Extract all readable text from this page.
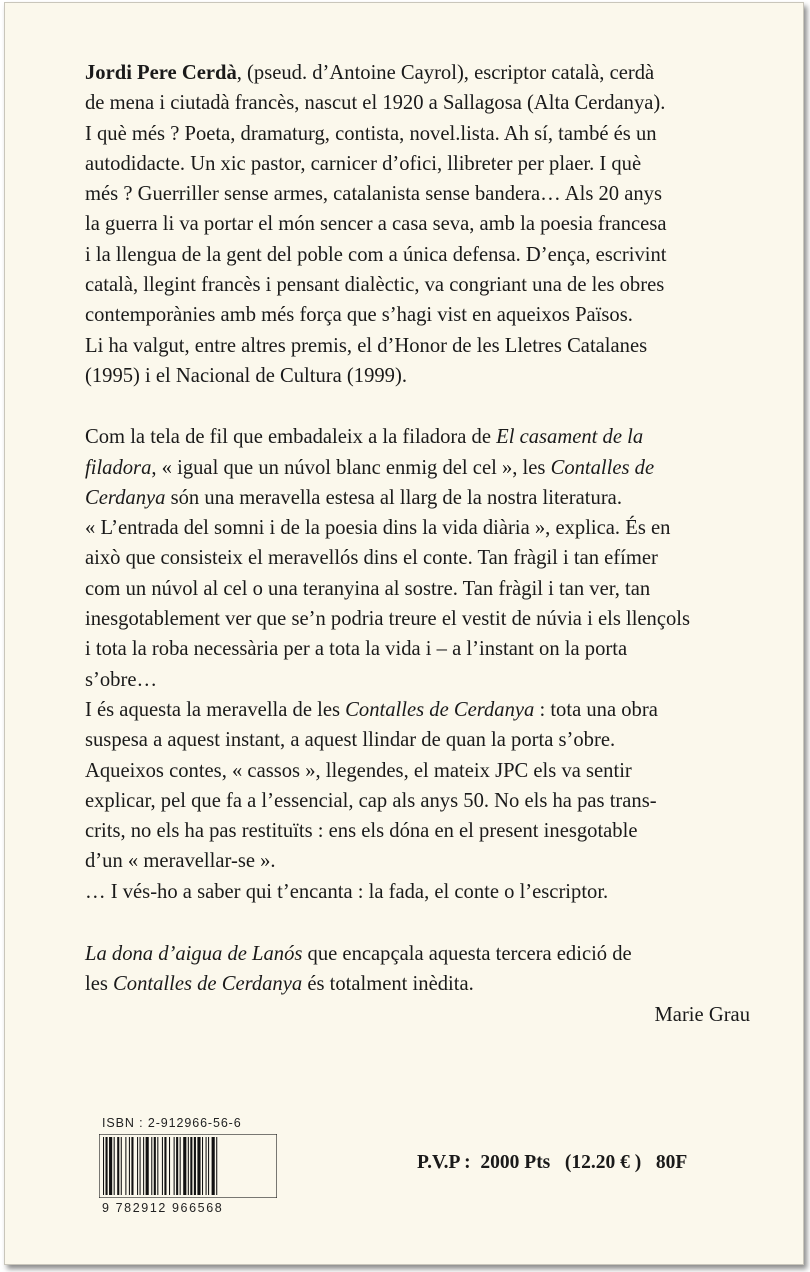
Jordi Pere Cerdà, (pseud. d’Antoine Cayrol), escriptor català, cerdà

de mena i ciutadà francès, nascut el 1920 a Sallagosa (Alta Cerdanya).

I què més ? Poeta, dramaturg, contista, novel.lista. Ah sí, també és un

autodidacte. Un xic pastor, carnicer d’ofici, llibreter per plaer. I què

més ? Guerriller sense armes, catalanista sense bandera… Als 20 anys

la guerra li va portar el món sencer a casa seva, amb la poesia francesa

i la llengua de la gent del poble com a única defensa. D’ença, escrivint

català, llegint francès i pensant dialèctic, va congriant una de les obres

contemporànies amb més força que s’hagi vist en aqueixos Països.

Li ha valgut, entre altres premis, el d’Honor de les Lletres Catalanes

(1995) i el Nacional de Cultura (1999).

Com la tela de fil que embadaleix a la filadora de El casament de la

filadora, « igual que un núvol blanc enmig del cel », les Contalles de

Cerdanya són una meravella estesa al llarg de la nostra literatura.

« L’entrada del somni i de la poesia dins la vida diària », explica. És en

això que consisteix el meravellós dins el conte. Tan fràgil i tan efímer

com un núvol al cel o una teranyina al sostre. Tan fràgil i tan ver, tan

inesgotablement ver que se’n podria treure el vestit de núvia i els llençols

i tota la roba necessària per a tota la vida i – a l’instant on la porta

s’obre…

I és aquesta la meravella de les Contalles de Cerdanya : tota una obra

suspesa a aquest instant, a aquest llindar de quan la porta s’obre.

Aqueixos contes, « cassos », llegendes, el mateix JPC els va sentir

explicar, pel que fa a l’essencial, cap als anys 50. No els ha pas trans-

crits, no els ha pas restituïts : ens els dóna en el present inesgotable

d’un « meravellar-se ».

… I vés-ho a saber qui t’encanta : la fada, el conte o l’escriptor.

La dona d’aigua de Lanós que encapçala aquesta tercera edició de

les Contalles de Cerdanya és totalment inèdita.

Marie Grau

ISBN : 2-912966-56-6
9 782912 966568
P.V.P : 2000 Pts (12.20 € ) 80F
